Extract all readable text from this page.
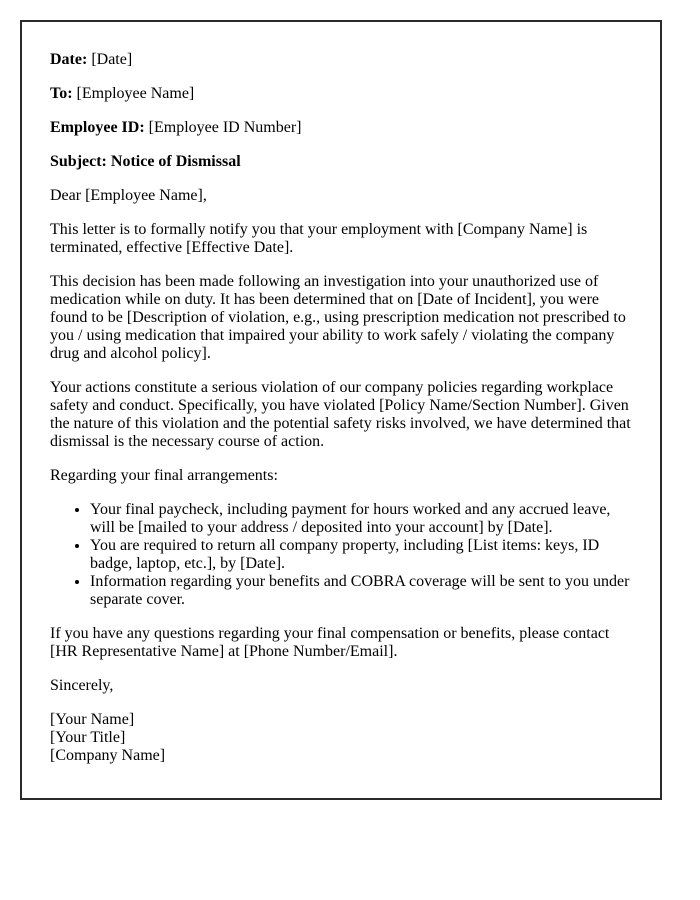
Date: [Date]

To: [Employee Name]

Employee ID: [Employee ID Number]

Subject: Notice of Dismissal

Dear [Employee Name],

This letter is to formally notify you that your employment with [Company Name] is terminated, effective [Effective Date].

This decision has been made following an investigation into your unauthorized use of medication while on duty. It has been determined that on [Date of Incident], you were found to be [Description of violation, e.g., using prescription medication not prescribed to you / using medication that impaired your ability to work safely / violating the company drug and alcohol policy].

Your actions constitute a serious violation of our company policies regarding workplace safety and conduct. Specifically, you have violated [Policy Name/Section Number]. Given the nature of this violation and the potential safety risks involved, we have determined that dismissal is the necessary course of action.

Regarding your final arrangements:

• Your final paycheck, including payment for hours worked and any accrued leave, will be [mailed to your address / deposited into your account] by [Date].
• You are required to return all company property, including [List items: keys, ID badge, laptop, etc.], by [Date].
• Information regarding your benefits and COBRA coverage will be sent to you under separate cover.

If you have any questions regarding your final compensation or benefits, please contact [HR Representative Name] at [Phone Number/Email].

Sincerely,

[Your Name]
[Your Title]
[Company Name]
